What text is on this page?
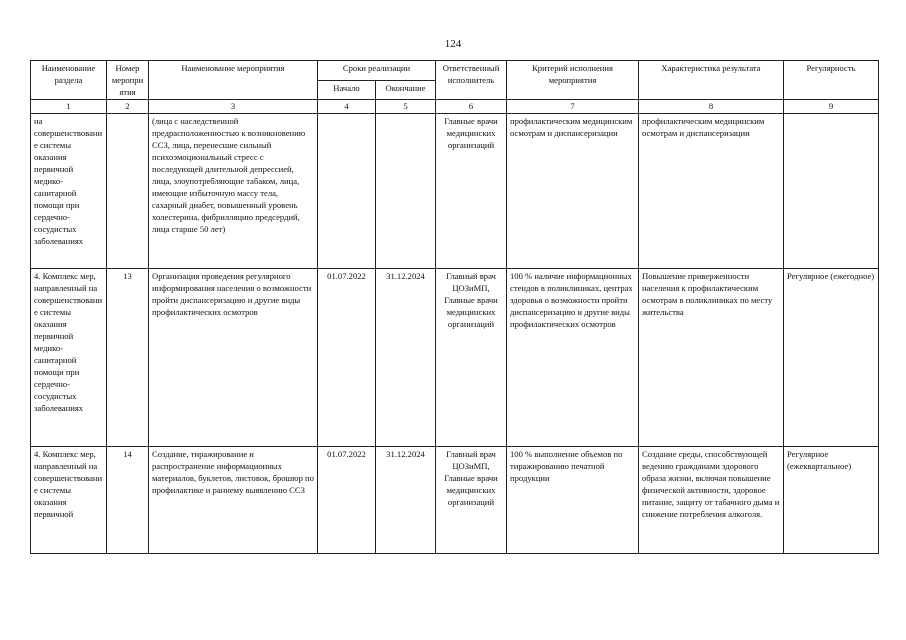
124
Наименование раздела	Номер мероприятия	Наименование мероприятия	Сроки реализации		Ответственный исполнитель	Критерий исполнения мероприятия	Характеристика результата	Регулярность
			Начало	Окончание				
1	2	3	4	5	6	7	8	9
на совершенствование системы оказания первичной медико-санитарной помощи при сердечно-сосудистых заболеваниях		(лица с наследственной предрасположенностью к возникновению ССЗ, лица, перенесшие сильный психоэмоциональный стресс с последующей длительной депрессией, лица, злоупотребляющие табаком, лица, имеющие избыточную массу тела, сахарный диабет, повышенный уровень холестерина, фибрилляцию предсердий, лица старше 50 лет)			Главные врачи медицинских организаций	профилактическим медицинским осмотрам и диспансеризации	профилактическим медицинским осмотрам и диспансеризации	
4. Комплекс мер, направленный на совершенствование системы оказания первичной медико-санитарной помощи при сердечно-сосудистых заболеваниях	13	Организация проведения регулярного информирования населения о возможности пройти диспансеризацию и другие виды профилактических осмотров	01.07.2022	31.12.2024	Главный врач ЦОЗиМП, Главные врачи медицинских организаций	100 % наличие информационных стендов в поликлиниках, центрах здоровья о возможности пройти диспансеризацию и другие виды профилактических осмотров	Повышение приверженности населения к профилактическим осмотрам в поликлиниках по месту жительства	Регулярное (ежегодное)
4. Комплекс мер, направленный на совершенствование системы оказания первичной	14	Создание, тиражирование и распространение информационных материалов, буклетов, листовок, брошюр по профилактике и раннему выявлению ССЗ	01.07.2022	31.12.2024	Главный врач ЦОЗиМП, Главные врачи медицинских организаций	100 % выполнение объемов по тиражированию печатной продукции	Создание среды, способствующей ведению гражданами здорового образа жизни, включая повышение физической активности, здоровое питание, защиту от табачного дыма и снижение потребления алкоголя.	Регулярное (ежеквартальное)
